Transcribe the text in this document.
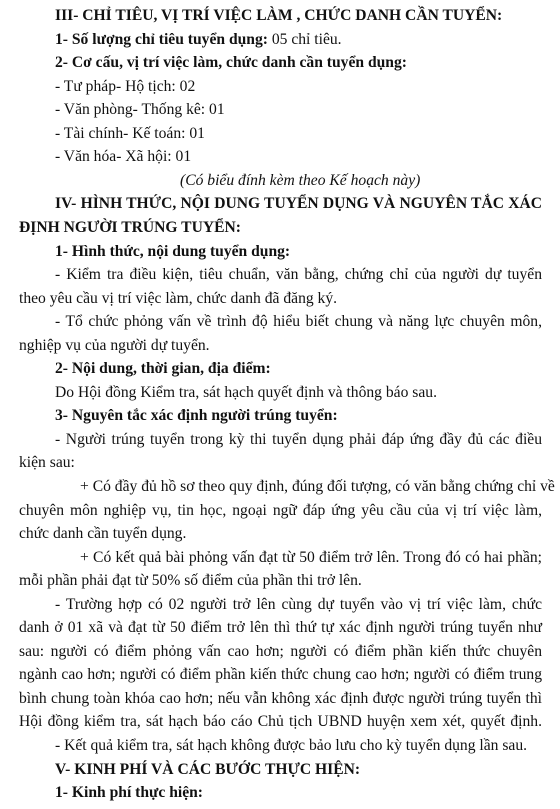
III- CHỈ TIÊU, VỊ TRÍ VIỆC LÀM , CHỨC DANH CẦN TUYỂN:
1- Số lượng chỉ tiêu tuyển dụng: 05 chỉ tiêu.
2- Cơ cấu, vị trí việc làm, chức danh cần tuyển dụng:
- Tư pháp- Hộ tịch: 02
- Văn phòng- Thống kê: 01
- Tài chính- Kế toán: 01
- Văn hóa- Xã hội: 01
(Có biểu đính kèm theo Kế hoạch này)
IV- HÌNH THỨC, NỘI DUNG TUYỂN DỤNG VÀ NGUYÊN TẮC XÁC
ĐỊNH NGƯỜI TRÚNG TUYỂN:
1- Hình thức, nội dung tuyển dụng:
- Kiểm tra điều kiện, tiêu chuẩn, văn bằng, chứng chỉ của người dự tuyển
theo yêu cầu vị trí việc làm, chức danh đã đăng ký.
- Tổ chức phỏng vấn về trình độ hiểu biết chung và năng lực chuyên môn,
nghiệp vụ của người dự tuyển.
2- Nội dung, thời gian, địa điểm:
Do Hội đồng Kiểm tra, sát hạch quyết định và thông báo sau.
3- Nguyên tắc xác định người trúng tuyển:
- Người trúng tuyển trong kỳ thi tuyển dụng phải đáp ứng đầy đủ các điều
kiện sau:
+ Có đầy đủ hồ sơ theo quy định, đúng đối tượng, có văn bằng chứng chỉ về
chuyên môn nghiệp vụ, tin học, ngoại ngữ đáp ứng yêu cầu của vị trí việc làm,
chức danh cần tuyển dụng.
+ Có kết quả bài phỏng vấn đạt từ 50 điểm trở lên. Trong đó có hai phần;
mỗi phần phải đạt từ 50% số điểm của phần thi trở lên.
- Trường hợp có 02 người trở lên cùng dự tuyển vào vị trí việc làm, chức
danh ở 01 xã và đạt từ 50 điểm trở lên thì thứ tự xác định người trúng tuyển như
sau: người có điểm phỏng vấn cao hơn; người có điểm phần kiến thức chuyên
ngành cao hơn; người có điểm phần kiến thức chung cao hơn; người có điểm trung
bình chung toàn khóa cao hơn; nếu vẫn không xác định được người trúng tuyển thì
Hội đồng kiểm tra, sát hạch báo cáo Chủ tịch UBND huyện xem xét, quyết định.
- Kết quả kiểm tra, sát hạch không được bảo lưu cho kỳ tuyển dụng lần sau.
V- KINH PHÍ VÀ CÁC BƯỚC THỰC HIỆN:
1- Kinh phí thực hiện:
